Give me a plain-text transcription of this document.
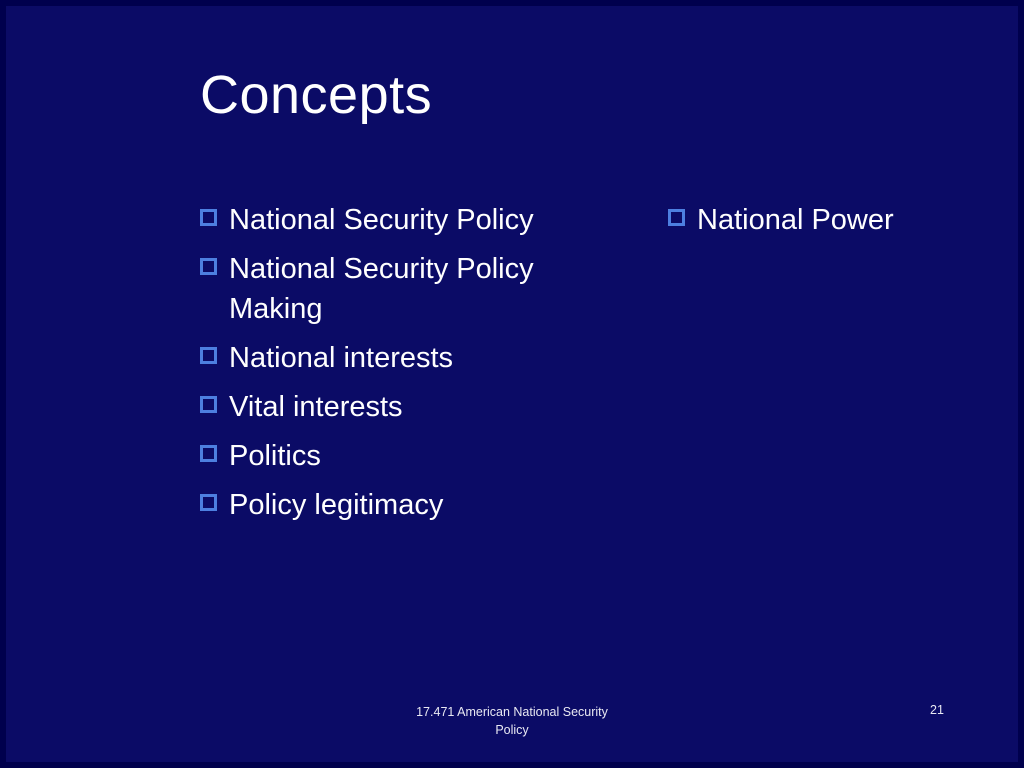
Concepts
National Security Policy
National Security Policy Making
National interests
Vital interests
Politics
Policy legitimacy
National Power
17.471 American National Security
Policy
21
